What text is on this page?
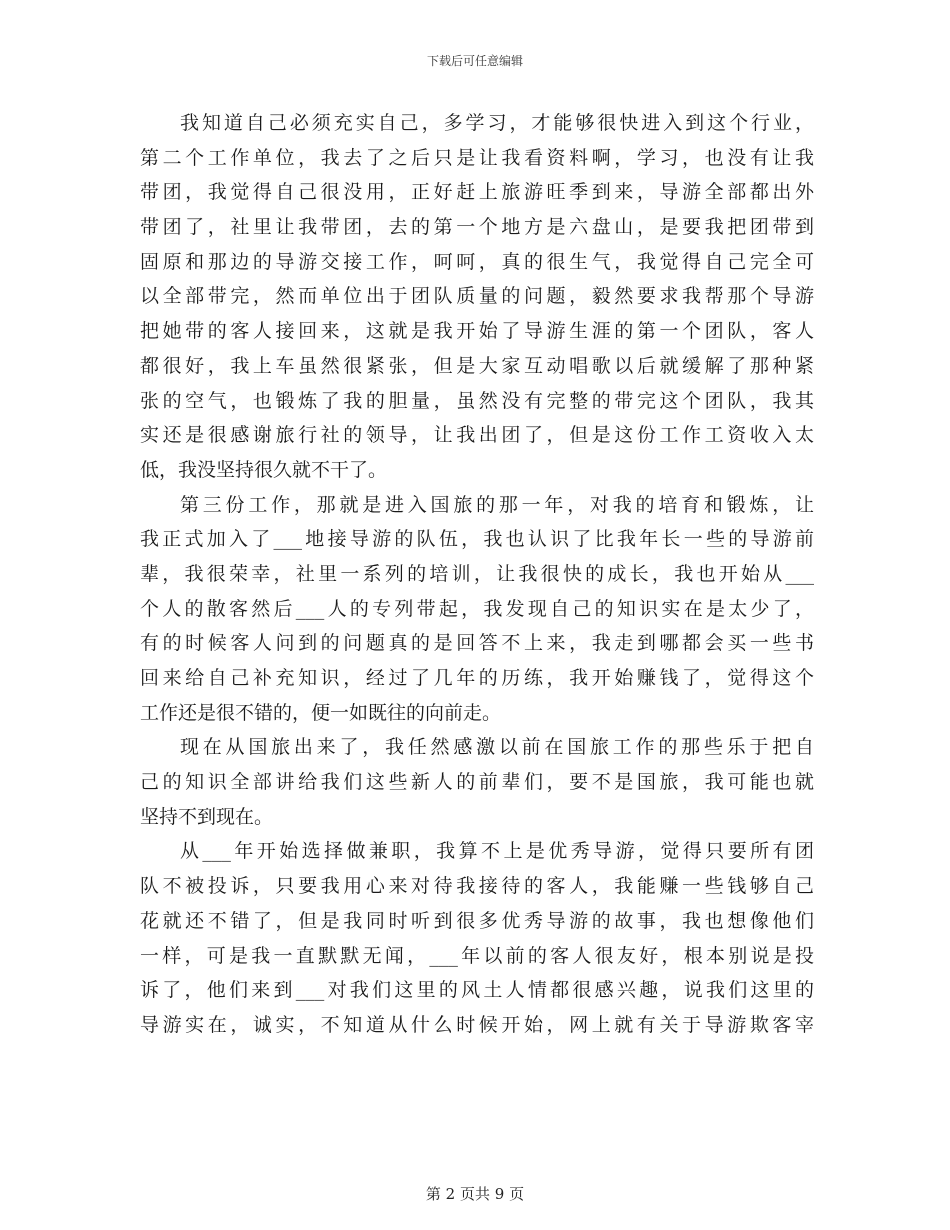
下载后可任意编辑
我知道自己必须充实自己，多学习，才能够很快进入到这个行业，
第二个工作单位，我去了之后只是让我看资料啊，学习，也没有让我
带团，我觉得自己很没用，正好赶上旅游旺季到来，导游全部都出外
带团了，社里让我带团，去的第一个地方是六盘山，是要我把团带到
固原和那边的导游交接工作，呵呵，真的很生气，我觉得自己完全可
以全部带完，然而单位出于团队质量的问题，毅然要求我帮那个导游
把她带的客人接回来，这就是我开始了导游生涯的第一个团队，客人
都很好，我上车虽然很紧张，但是大家互动唱歌以后就缓解了那种紧
张的空气，也锻炼了我的胆量，虽然没有完整的带完这个团队，我其
实还是很感谢旅行社的领导，让我出团了，但是这份工作工资收入太
低，我没坚持很久就不干了。
第三份工作，那就是进入国旅的那一年，对我的培育和锻炼，让
我正式加入了___地接导游的队伍，我也认识了比我年长一些的导游前
辈，我很荣幸，社里一系列的培训，让我很快的成长，我也开始从___
个人的散客然后___人的专列带起，我发现自己的知识实在是太少了，
有的时候客人问到的问题真的是回答不上来，我走到哪都会买一些书
回来给自己补充知识，经过了几年的历练，我开始赚钱了，觉得这个
工作还是很不错的，便一如既往的向前走。
现在从国旅出来了，我任然感激以前在国旅工作的那些乐于把自
己的知识全部讲给我们这些新人的前辈们，要不是国旅，我可能也就
坚持不到现在。
从___年开始选择做兼职，我算不上是优秀导游，觉得只要所有团
队不被投诉，只要我用心来对待我接待的客人，我能赚一些钱够自己
花就还不错了，但是我同时听到很多优秀导游的故事，我也想像他们
一样，可是我一直默默无闻，___年以前的客人很友好，根本别说是投
诉了，他们来到___对我们这里的风土人情都很感兴趣，说我们这里的
导游实在，诚实，不知道从什么时候开始，网上就有关于导游欺客宰
第 2 页共 9 页
